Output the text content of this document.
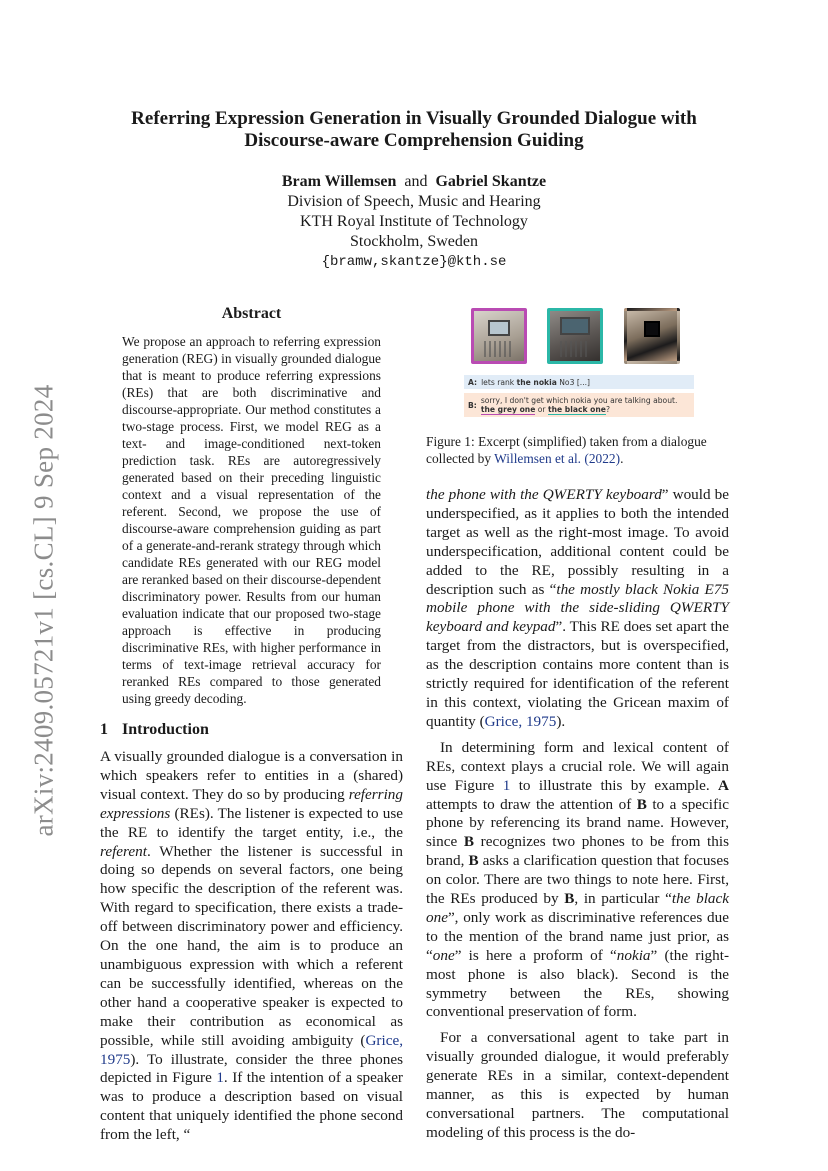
arXiv:2409.05721v1 [cs.CL] 9 Sep 2024
Referring Expression Generation in Visually Grounded Dialogue with
Discourse-aware Comprehension Guiding
Bram Willemsen and Gabriel Skantze
Division of Speech, Music and Hearing
KTH Royal Institute of Technology
Stockholm, Sweden
{bramw,skantze}@kth.se
Abstract

We propose an approach to referring expression generation (REG) in visually grounded dialogue that is meant to produce referring expressions (REs) that are both discriminative and discourse-appropriate. Our method constitutes a two-stage process. First, we model REG as a text- and image-conditioned next-token prediction task. REs are autoregressively generated based on their preceding linguistic context and a visual representation of the referent. Second, we propose the use of discourse-aware comprehension guiding as part of a generate-and-rerank strategy through which candidate REs generated with our REG model are reranked based on their discourse-dependent discriminatory power. Results from our human evaluation indicate that our proposed two-stage approach is effective in producing discriminative REs, with higher performance in terms of text-image retrieval accuracy for reranked REs compared to those generated using greedy decoding.

1 Introduction

A visually grounded dialogue is a conversation in which speakers refer to entities in a (shared) visual context. They do so by producing referring expressions (REs). The listener is expected to use the RE to identify the target entity, i.e., the referent. Whether the listener is successful in doing so depends on several factors, one being how specific the description of the referent was. With regard to specification, there exists a trade-off between discriminatory power and efficiency. On the one hand, the aim is to produce an unambiguous expression with which a referent can be successfully identified, whereas on the other hand a cooperative speaker is expected to make their contribution as economical as possible, while still avoiding ambiguity (Grice, 1975). To illustrate, consider the three phones depicted in Figure 1. If the intention of a speaker was to produce a description based on visual content that uniquely identified the phone second from the left, “

A: lets rank the nokia No3 [...]
B:
sorry, I don't get which nokia you are talking about.
the grey one or the black one?
Figure 1: Excerpt (simplified) taken from a dialogue collected by Willemsen et al. (2022).

the phone with the QWERTY keyboard” would be underspecified, as it applies to both the intended target as well as the right-most image. To avoid underspecification, additional content could be added to the RE, possibly resulting in a description such as “the mostly black Nokia E75 mobile phone with the side-sliding QWERTY keyboard and keypad”. This RE does set apart the target from the distractors, but is overspecified, as the description contains more content than is strictly required for identification of the referent in this context, violating the Gricean maxim of quantity (Grice, 1975).

In determining form and lexical content of REs, context plays a crucial role. We will again use Figure 1 to illustrate this by example. A attempts to draw the attention of B to a specific phone by referencing its brand name. However, since B recognizes two phones to be from this brand, B asks a clarification question that focuses on color. There are two things to note here. First, the REs produced by B, in particular “the black one”, only work as discriminative references due to the mention of the brand name just prior, as “one” is here a proform of “nokia” (the right-most phone is also black). Second is the symmetry between the REs, showing conventional preservation of form.

For a conversational agent to take part in visually grounded dialogue, it would preferably generate REs in a similar, context-dependent manner, as this is expected by human conversational partners. The computational modeling of this process is the do-
